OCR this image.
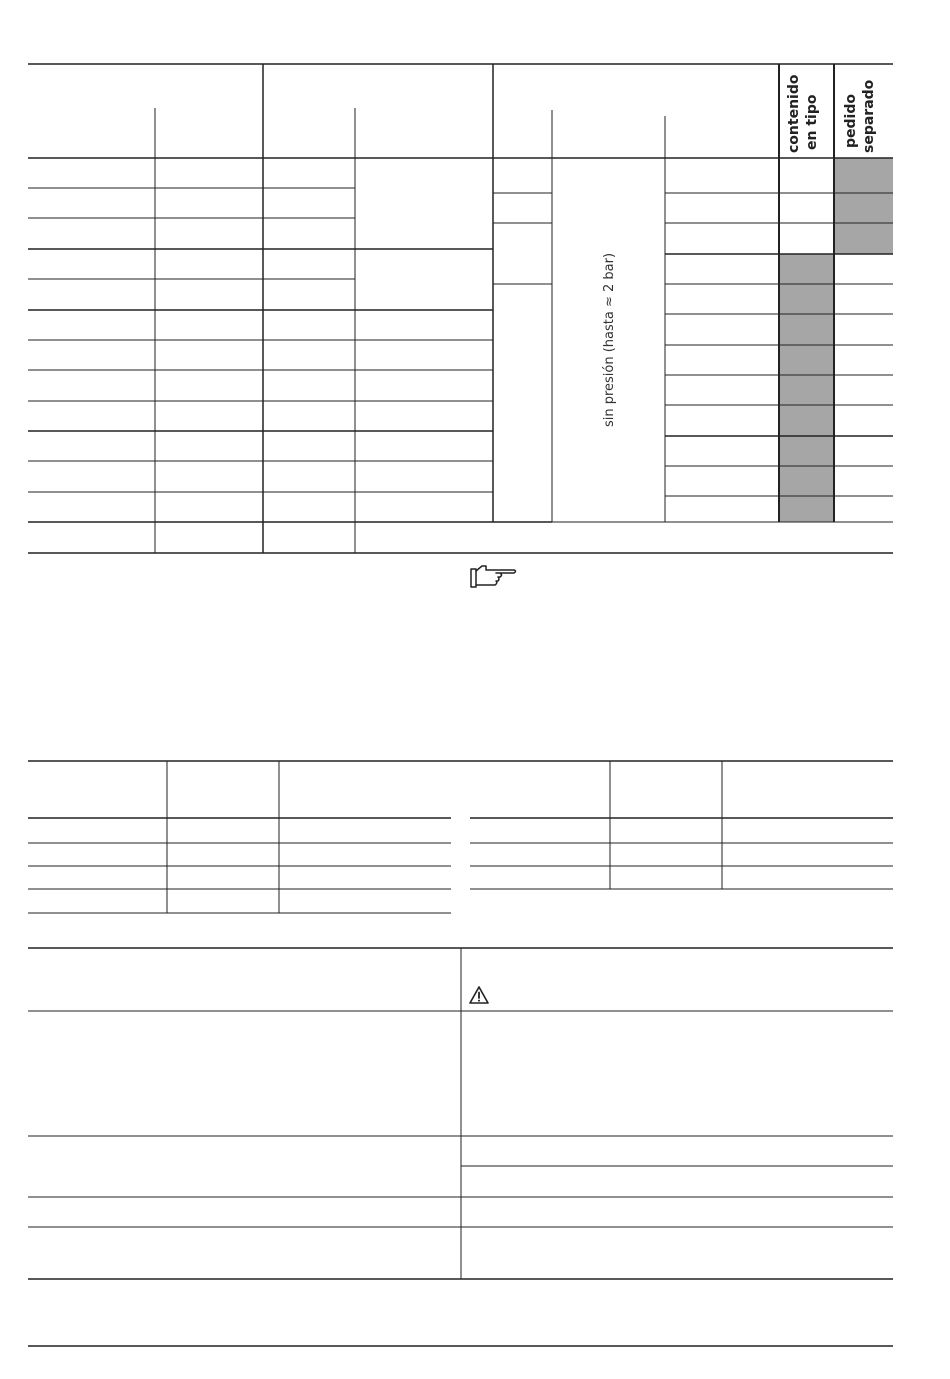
contenido en tipo pedido separado
sin presión (hasta ≈ 2 bar)
